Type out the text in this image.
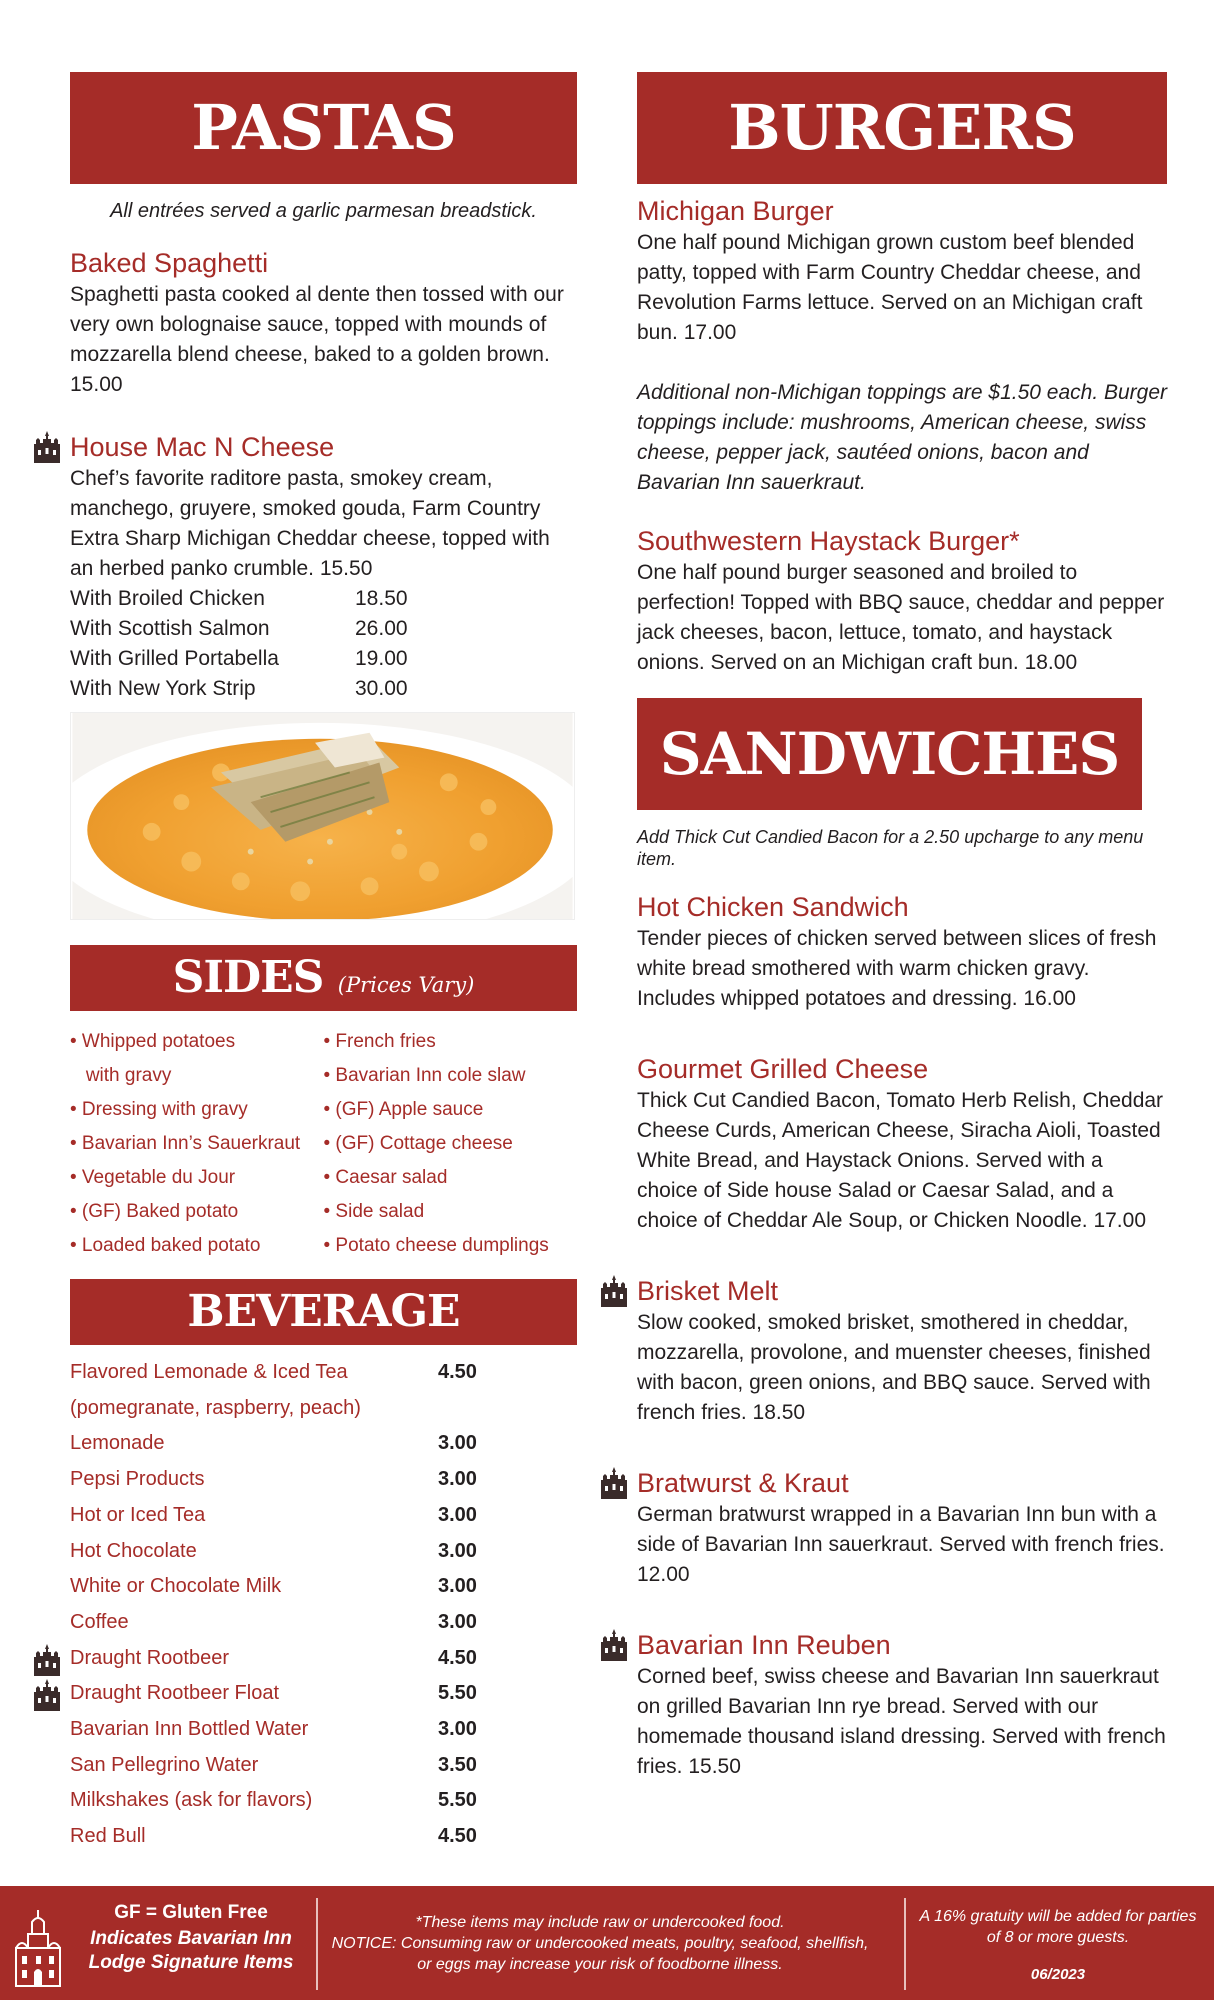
PASTAS
All entrées served a garlic parmesan breadstick.
Baked Spaghetti
Spaghetti pasta cooked al dente then tossed with our very own bolognaise sauce, topped with mounds of mozzarella blend cheese, baked to a golden brown. 15.00
House Mac N Cheese
Chef’s favorite raditore pasta, smokey cream, manchego, gruyere, smoked gouda, Farm Country Extra Sharp Michigan Cheddar cheese, topped with an herbed panko crumble. 15.50
With Broiled Chicken	18.50
With Scottish Salmon	26.00
With Grilled Portabella	19.00
With New York Strip	30.00
SIDES (Prices Vary)
• Whipped potatoes
with gravy
• Dressing with gravy
• Bavarian Inn’s Sauerkraut
• Vegetable du Jour
• (GF) Baked potato
• Loaded baked potato
• French fries
• Bavarian Inn cole slaw
• (GF) Apple sauce
• (GF) Cottage cheese
• Caesar salad
• Side salad
• Potato cheese dumplings
BEVERAGE
Flavored Lemonade & Iced Tea	4.50
(pomegranate, raspberry, peach)
Lemonade	3.00
Pepsi Products	3.00
Hot or Iced Tea	3.00
Hot Chocolate	3.00
White or Chocolate Milk	3.00
Coffee	3.00
Draught Rootbeer	4.50
Draught Rootbeer Float	5.50
Bavarian Inn Bottled Water	3.00
San Pellegrino Water	3.50
Milkshakes (ask for flavors)	5.50
Red Bull	4.50
BURGERS
Michigan Burger
One half pound Michigan grown custom beef blended patty, topped with Farm Country Cheddar cheese, and Revolution Farms lettuce. Served on an Michigan craft bun. 17.00
Additional non-Michigan toppings are $1.50 each. Burger toppings include: mushrooms, American cheese, swiss cheese, pepper jack, sautéed onions, bacon and Bavarian Inn sauerkraut.
Southwestern Haystack Burger*
One half pound burger seasoned and broiled to perfection! Topped with BBQ sauce, cheddar and pepper jack cheeses, bacon, lettuce, tomato, and haystack onions. Served on an Michigan craft bun. 18.00
SANDWICHES
Add Thick Cut Candied Bacon for a 2.50 upcharge to any menu item.
Hot Chicken Sandwich
Tender pieces of chicken served between slices of fresh white bread smothered with warm chicken gravy. Includes whipped potatoes and dressing. 16.00
Gourmet Grilled Cheese
Thick Cut Candied Bacon, Tomato Herb Relish, Cheddar Cheese Curds, American Cheese, Siracha Aioli, Toasted White Bread, and Haystack Onions. Served with a choice of Side house Salad or Caesar Salad, and a choice of Cheddar Ale Soup, or Chicken Noodle. 17.00
Brisket Melt
Slow cooked, smoked brisket, smothered in cheddar, mozzarella, provolone, and muenster cheeses, finished with bacon, green onions, and BBQ sauce. Served with french fries. 18.50
Bratwurst & Kraut
German bratwurst wrapped in a Bavarian Inn bun with a side of Bavarian Inn sauerkraut. Served with french fries. 12.00
Bavarian Inn Reuben
Corned beef, swiss cheese and Bavarian Inn sauerkraut on grilled Bavarian Inn rye bread. Served with our homemade thousand island dressing. Served with french fries. 15.50
GF = Gluten Free
Indicates Bavarian Inn Lodge Signature Items
*These items may include raw or undercooked food.
NOTICE: Consuming raw or undercooked meats, poultry, seafood, shellfish, or eggs may increase your risk of foodborne illness.
A 16% gratuity will be added for parties of 8 or more guests.
06/2023
